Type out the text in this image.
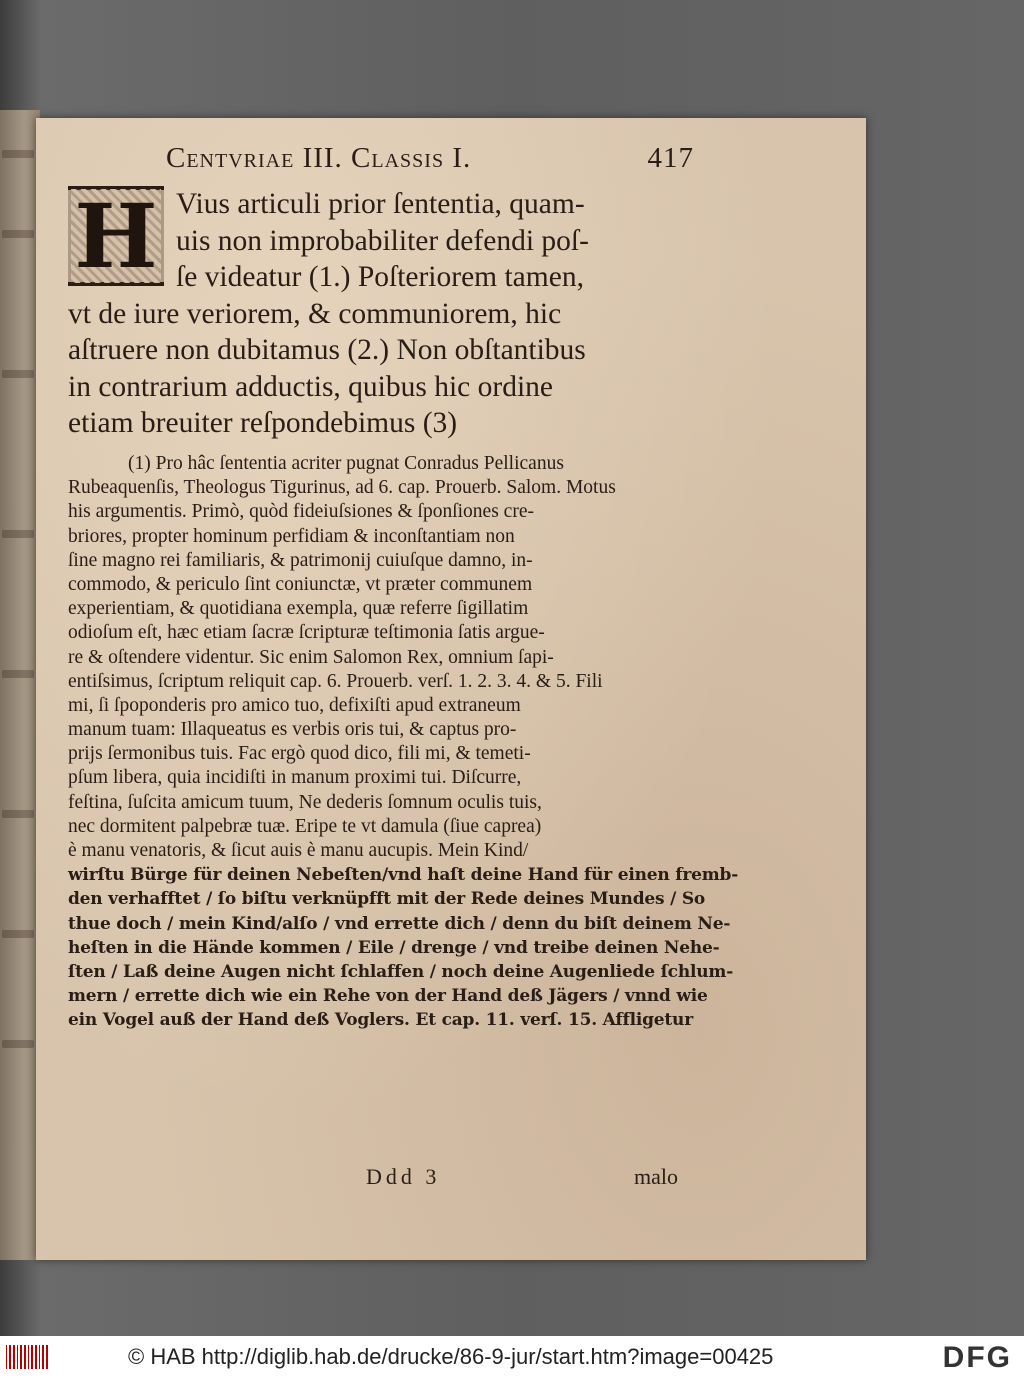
Centvriae III. Classis I.	417
H Vius articuli prior ſententia, quam-
uis non improbabiliter defendi poſ-
ſe videatur (1.) Poſteriorem tamen,
vt de iure veriorem, & communiorem, hic
aſtruere non dubitamus (2.) Non obſtantibus
in contrarium adductis, quibus hic ordine
etiam breuiter reſpondebimus (3)
(1) Pro hâc ſententia acriter pugnat Conradus Pellicanus
Rubeaquenſis, Theologus Tigurinus, ad 6. cap. Prouerb. Salom. Motus
his argumentis. Primò, quòd fideiuſsiones & ſponſiones cre-
briores, propter hominum perfidiam & inconſtantiam non
ſine magno rei familiaris, & patrimonij cuiuſque damno, in-
commodo, & periculo ſint coniunctæ, vt præter communem
experientiam, & quotidiana exempla, quæ referre ſigillatim
odioſum eſt, hæc etiam ſacræ ſcripturæ teſtimonia ſatis argue-
re & oſtendere videntur. Sic enim Salomon Rex, omnium ſapi-
entiſsimus, ſcriptum reliquit cap. 6. Prouerb. verſ. 1. 2. 3. 4. & 5. Fili
mi, ſi ſpoponderis pro amico tuo, defixiſti apud extraneum
manum tuam: Illaqueatus es verbis oris tui, & captus pro-
prijs ſermonibus tuis. Fac ergò quod dico, fili mi, & temeti-
pſum libera, quia incidiſti in manum proximi tui. Diſcurre,
feſtina, ſuſcita amicum tuum, Ne dederis ſomnum oculis tuis,
nec dormitent palpebræ tuæ. Eripe te vt damula (ſiue caprea)
è manu venatoris, & ſicut auis è manu aucupis. Mein Kind/
wirſtu Bürge für deinen Nebeſten/vnd haſt deine Hand für einen fremb-
den verhafftet / ſo biſtu verknüpfft mit der Rede deines Mundes / So
thue doch / mein Kind/alſo / vnd errette dich / denn du biſt deinem Ne-
heſten in die Hände kommen / Eile / drenge / vnd treibe deinen Nehe-
ſten / Laß deine Augen nicht ſchlaffen / noch deine Augenliede ſchlum-
mern / errette dich wie ein Rehe von der Hand deß Jägers / vnnd wie
ein Vogel auß der Hand deß Voglers. Et cap. 11. verſ. 15. Affligetur
Ddd 3	malo
© HAB http://diglib.hab.de/drucke/86-9-jur/start.htm?image=00425	DFG
